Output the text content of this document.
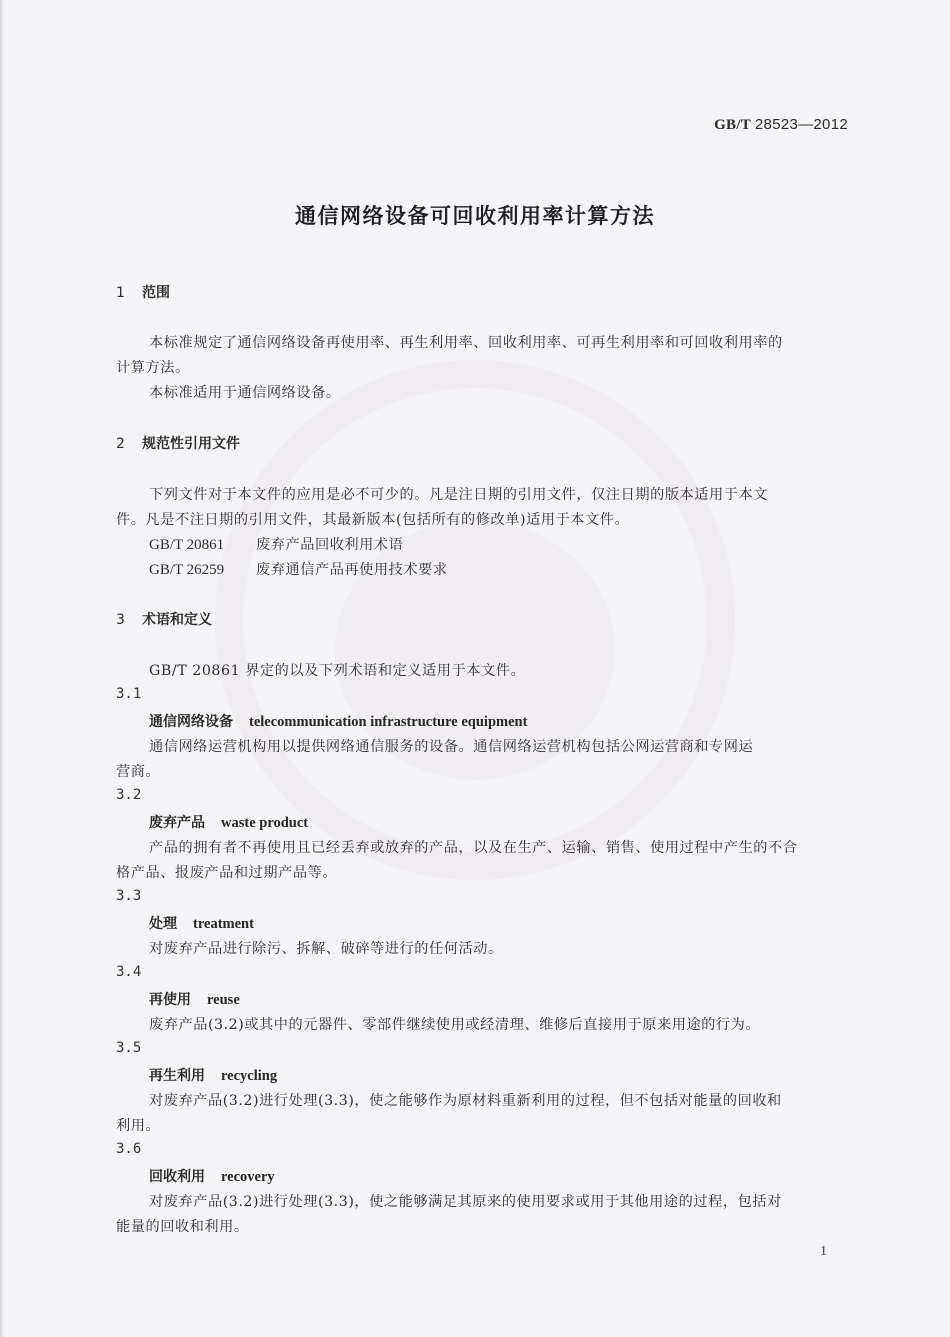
GB/T 28523—2012
通信网络设备可回收利用率计算方法
1 范围
本标准规定了通信网络设备再使用率、再生利用率、回收利用率、可再生利用率和可回收利用率的
计算方法。
本标准适用于通信网络设备。
2 规范性引用文件
下列文件对于本文件的应用是必不可少的。凡是注日期的引用文件，仅注日期的版本适用于本文
件。凡是不注日期的引用文件，其最新版本(包括所有的修改单)适用于本文件。
GB/T 20861 废弃产品回收利用术语
GB/T 26259 废弃通信产品再使用技术要求
3 术语和定义
GB/T 20861 界定的以及下列术语和定义适用于本文件。
3.1
通信网络设备 telecommunication infrastructure equipment
通信网络运营机构用以提供网络通信服务的设备。通信网络运营机构包括公网运营商和专网运
营商。
3.2
废弃产品 waste product
产品的拥有者不再使用且已经丢弃或放弃的产品，以及在生产、运输、销售、使用过程中产生的不合
格产品、报废产品和过期产品等。
3.3
处理 treatment
对废弃产品进行除污、拆解、破碎等进行的任何活动。
3.4
再使用 reuse
废弃产品(3.2)或其中的元器件、零部件继续使用或经清理、维修后直接用于原来用途的行为。
3.5
再生利用 recycling
对废弃产品(3.2)进行处理(3.3)，使之能够作为原材料重新利用的过程，但不包括对能量的回收和
利用。
3.6
回收利用 recovery
对废弃产品(3.2)进行处理(3.3)，使之能够满足其原来的使用要求或用于其他用途的过程，包括对
能量的回收和利用。
1
